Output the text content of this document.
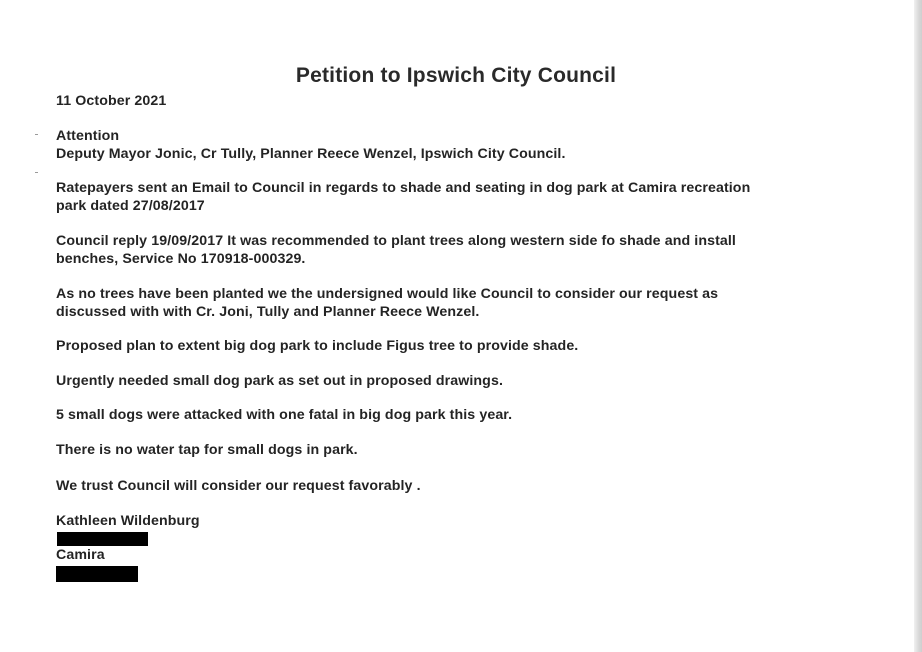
Petition to Ipswich City Council
11 October 2021
Attention
Deputy Mayor Jonic, Cr Tully, Planner Reece Wenzel, Ipswich City Council.
Ratepayers sent an Email to Council in regards to shade and seating in dog park at Camira recreation
park dated 27/08/2017
Council reply 19/09/2017 It was recommended to plant trees along western side fo shade and install
benches, Service No 170918-000329.
As no trees have been planted we the undersigned would like Council to consider our request as
discussed with with Cr. Joni, Tully and Planner Reece Wenzel.
Proposed plan to extent big dog park to include Figus tree to provide shade.
Urgently needed small dog park as set out in proposed drawings.
5 small dogs were attacked with one fatal in big dog park this year.
There is no water tap for small dogs in park.
We trust Council will consider our request favorably .
Kathleen Wildenburg
Camira
